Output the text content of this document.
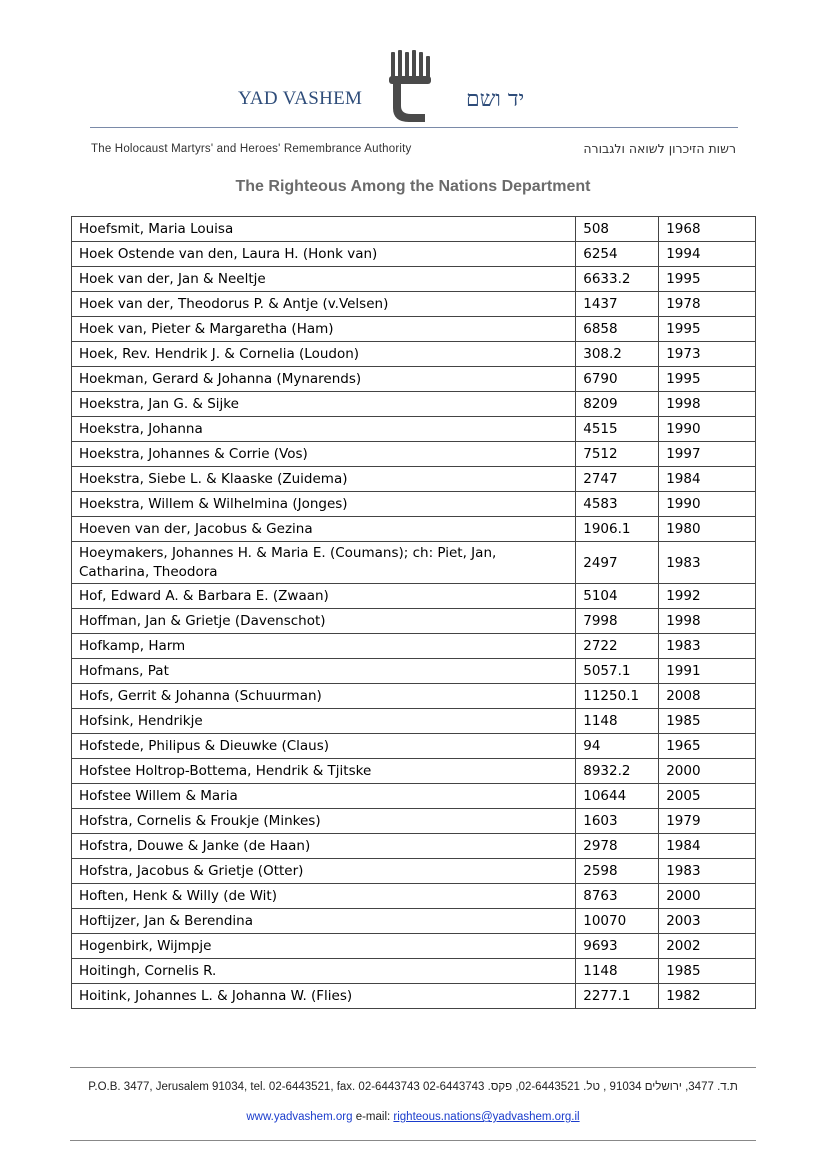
YAD VASHEM	יד ושם
The Holocaust Martyrs' and Heroes' Remembrance Authority	רשות הזיכרון לשואה ולגבורה
The Righteous Among the Nations Department
Hoefsmit, Maria Louisa	508	1968
Hoek Ostende van den, Laura H. (Honk van)	6254	1994
Hoek van der, Jan & Neeltje	6633.2	1995
Hoek van der, Theodorus P. & Antje (v.Velsen)	1437	1978
Hoek van, Pieter & Margaretha (Ham)	6858	1995
Hoek, Rev. Hendrik J. & Cornelia (Loudon)	308.2	1973
Hoekman, Gerard & Johanna (Mynarends)	6790	1995
Hoekstra, Jan G. & Sijke	8209	1998
Hoekstra, Johanna	4515	1990
Hoekstra, Johannes & Corrie (Vos)	7512	1997
Hoekstra, Siebe L. & Klaaske (Zuidema)	2747	1984
Hoekstra, Willem & Wilhelmina (Jonges)	4583	1990
Hoeven van der, Jacobus & Gezina	1906.1	1980
Hoeymakers, Johannes H. & Maria E. (Coumans); ch: Piet, Jan, Catharina, Theodora	2497	1983
Hof, Edward A. & Barbara E. (Zwaan)	5104	1992
Hoffman, Jan & Grietje (Davenschot)	7998	1998
Hofkamp, Harm	2722	1983
Hofmans, Pat	5057.1	1991
Hofs, Gerrit & Johanna (Schuurman)	11250.1	2008
Hofsink, Hendrikje	1148	1985
Hofstede, Philipus & Dieuwke (Claus)	94	1965
Hofstee Holtrop-Bottema, Hendrik & Tjitske	8932.2	2000
Hofstee Willem & Maria	10644	2005
Hofstra, Cornelis & Froukje (Minkes)	1603	1979
Hofstra, Douwe & Janke (de Haan)	2978	1984
Hofstra, Jacobus & Grietje (Otter)	2598	1983
Hoften, Henk & Willy (de Wit)	8763	2000
Hoftijzer, Jan & Berendina	10070	2003
Hogenbirk, Wijmpje	9693	2002
Hoitingh, Cornelis R.	1148	1985
Hoitink, Johannes L. & Johanna W. (Flies)	2277.1	1982
P.O.B. 3477, Jerusalem 91034, tel. 02-6443521, fax. 02-6443743 ת.ד. 3477, ירושלים 91034 , טל. 02-6443521, פקס. 02-6443743
www.yadvashem.org e-mail: righteous.nations@yadvashem.org.il
